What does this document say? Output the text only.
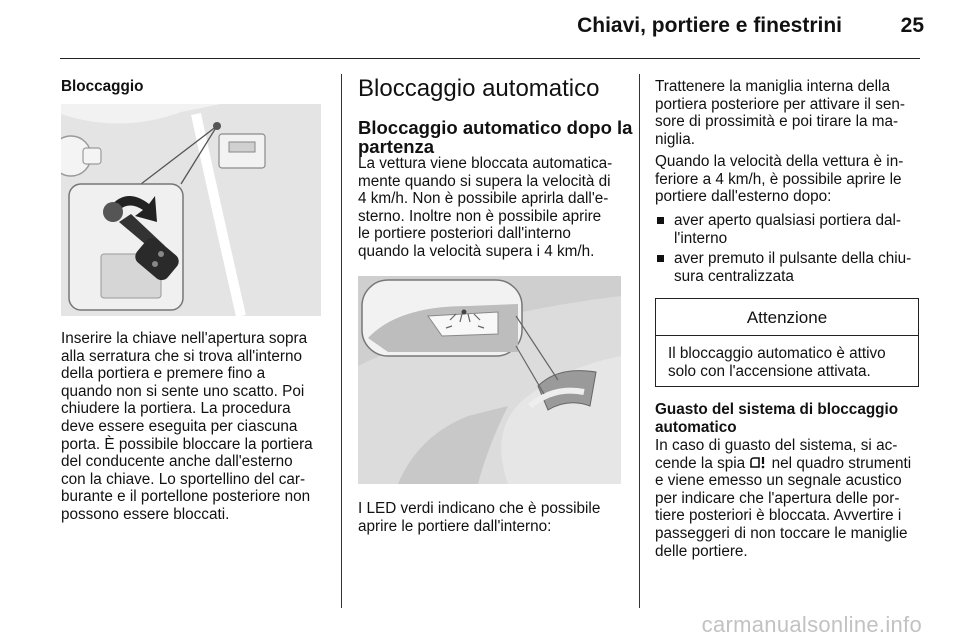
Chiavi, portiere e finestrini	25
Bloccaggio
Inserire la chiave nell'apertura sopra
alla serratura che si trova all'interno
della portiera e premere fino a
quando non si sente uno scatto. Poi
chiudere la portiera. La procedura
deve essere eseguita per ciascuna
porta. È possibile bloccare la portiera
del conducente anche dall'esterno
con la chiave. Lo sportellino del car-
burante e il portellone posteriore non
possono essere bloccati.
Bloccaggio automatico
Bloccaggio automatico dopo la
partenza
La vettura viene bloccata automatica-
mente quando si supera la velocità di
4 km/h. Non è possibile aprirla dall'e-
sterno. Inoltre non è possibile aprire
le portiere posteriori dall'interno
quando la velocità supera i 4 km/h.
I LED verdi indicano che è possibile
aprire le portiere dall'interno:
Trattenere la maniglia interna della
portiera posteriore per attivare il sen-
sore di prossimità e poi tirare la ma-
niglia.
Quando la velocità della vettura è in-
feriore a 4 km/h, è possibile aprire le
portiere dall'esterno dopo:
aver aperto qualsiasi portiera dal-
l'interno
aver premuto il pulsante della chiu-
sura centralizzata
Attenzione
Il bloccaggio automatico è attivo
solo con l'accensione attivata.
Guasto del sistema di bloccaggio
automatico
In caso di guasto del sistema, si ac-
cende la spia nel quadro strumenti
e viene emesso un segnale acustico
per indicare che l'apertura delle por-
tiere posteriori è bloccata. Avvertire i
passeggeri di non toccare le maniglie
delle portiere.
carmanualsonline.info
